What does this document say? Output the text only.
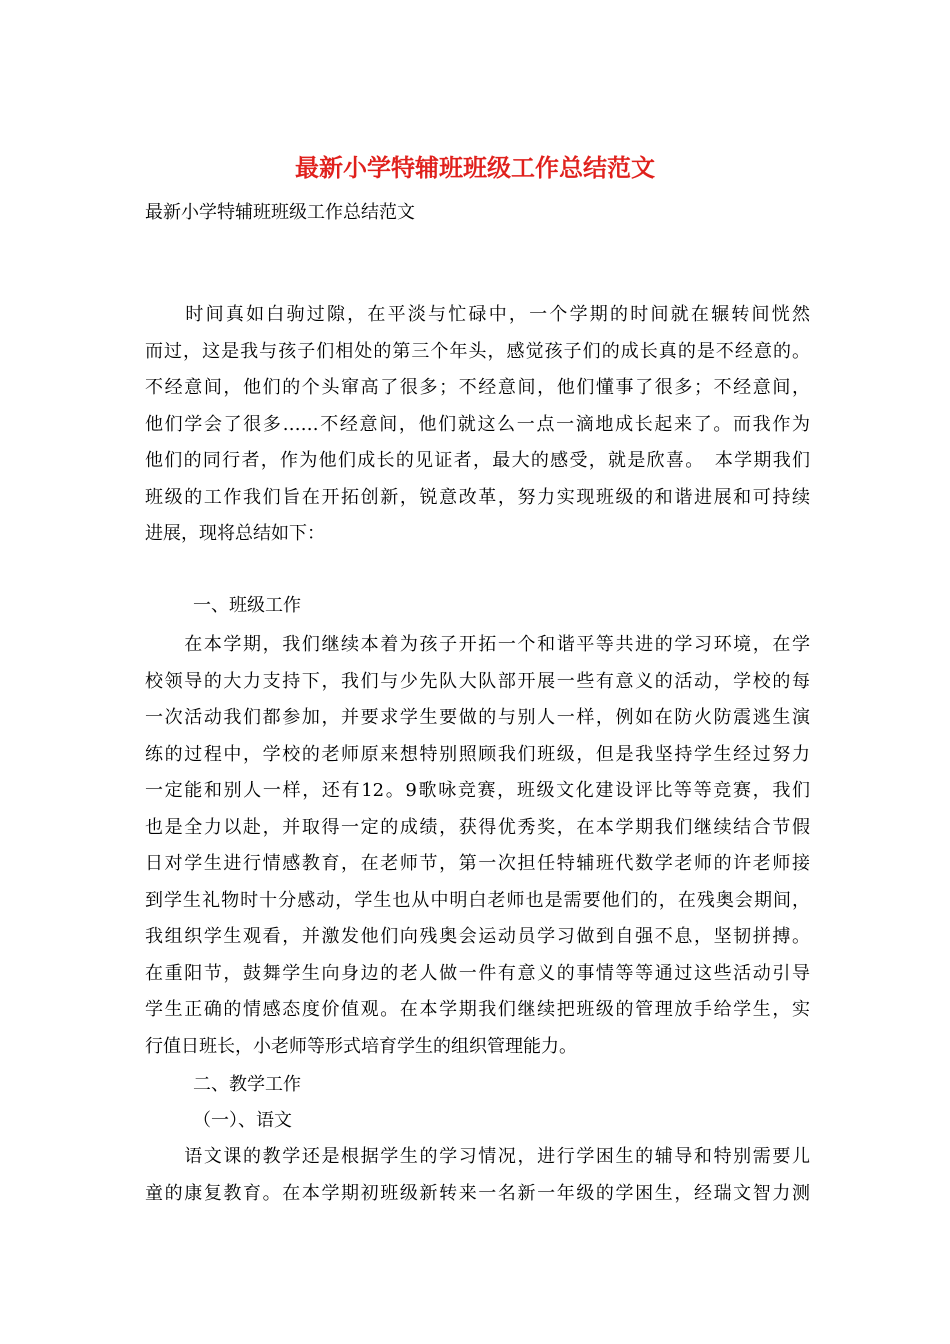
最新小学特辅班班级工作总结范文

最新小学特辅班班级工作总结范文

　　时间真如白驹过隙，在平淡与忙碌中，一个学期的时间就在辗转间恍然
而过，这是我与孩子们相处的第三个年头，感觉孩子们的成长真的是不经意的。
不经意间，他们的个头窜高了很多；不经意间，他们懂事了很多；不经意间，
他们学会了很多……不经意间，他们就这么一点一滴地成长起来了。而我作为
他们的同行者，作为他们成长的见证者，最大的感受，就是欣喜。　本学期我们
班级的工作我们旨在开拓创新，锐意改革，努力实现班级的和谐进展和可持续
进展，现将总结如下：

一、班级工作

　　在本学期，我们继续本着为孩子开拓一个和谐平等共进的学习环境，在学
校领导的大力支持下，我们与少先队大队部开展一些有意义的活动，学校的每
一次活动我们都参加，并要求学生要做的与别人一样，例如在防火防震逃生演
练的过程中，学校的老师原来想特别照顾我们班级，但是我坚持学生经过努力
一定能和别人一样，还有12。9歌咏竞赛，班级文化建设评比等等竞赛，我们
也是全力以赴，并取得一定的成绩，获得优秀奖，在本学期我们继续结合节假
日对学生进行情感教育，在老师节，第一次担任特辅班代数学老师的许老师接
到学生礼物时十分感动，学生也从中明白老师也是需要他们的，在残奥会期间，
我组织学生观看，并激发他们向残奥会运动员学习做到自强不息，坚韧拼搏。
在重阳节，鼓舞学生向身边的老人做一件有意义的事情等等通过这些活动引导
学生正确的情感态度价值观。在本学期我们继续把班级的管理放手给学生，实
行值日班长，小老师等形式培育学生的组织管理能力。

二、教学工作

（一）、语文

　　语文课的教学还是根据学生的学习情况，进行学困生的辅导和特别需要儿
童的康复教育。在本学期初班级新转来一名新一年级的学困生，经瑞文智力测
